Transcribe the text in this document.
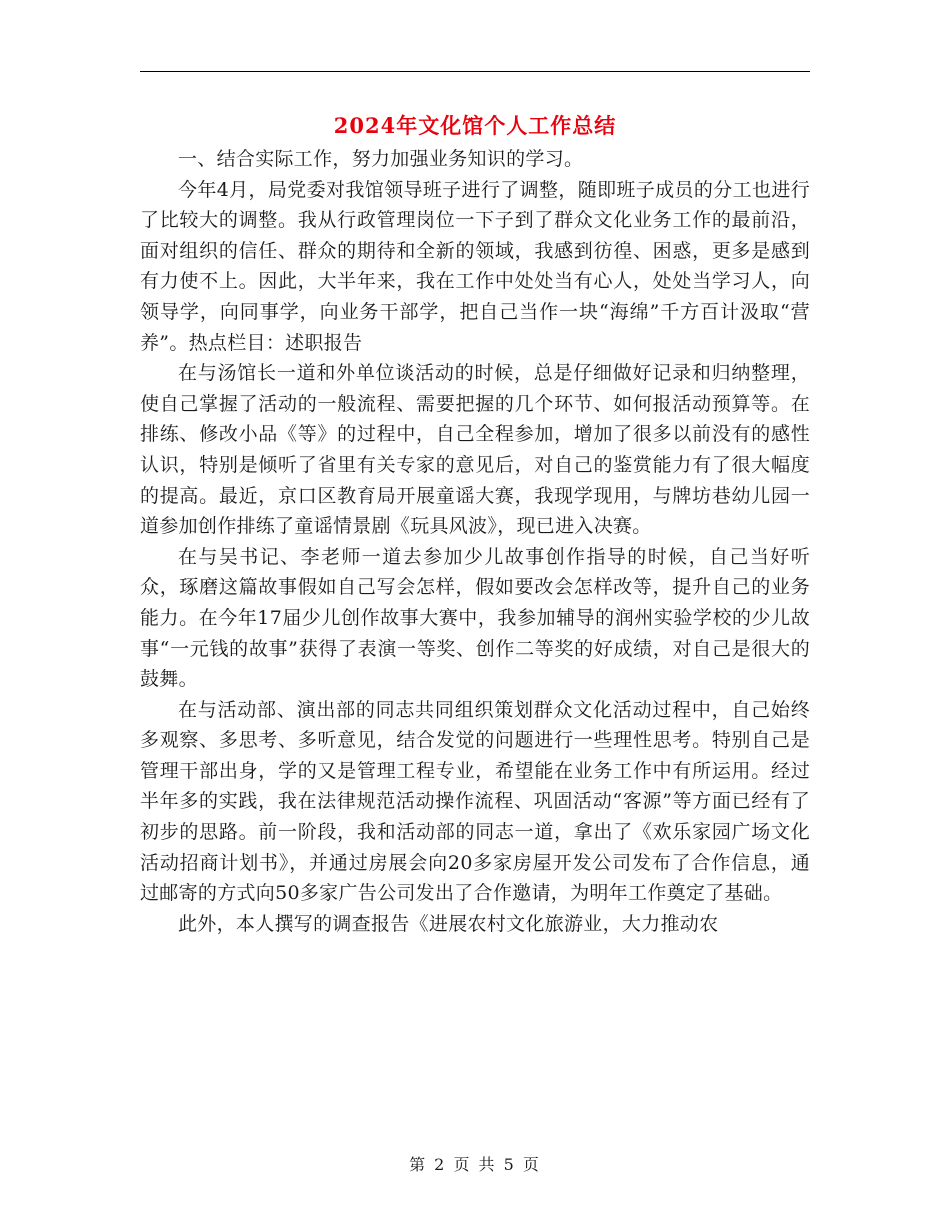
2024年文化馆个人工作总结

一、结合实际工作，努力加强业务知识的学习。

今年4月，局党委对我馆领导班子进行了调整，随即班子成员的分工也进行了比较大的调整。我从行政管理岗位一下子到了群众文化业务工作的最前沿，面对组织的信任、群众的期待和全新的领域，我感到彷徨、困惑，更多是感到有力使不上。因此，大半年来，我在工作中处处当有心人，处处当学习人，向领导学，向同事学，向业务干部学，把自己当作一块“海绵”千方百计汲取“营养”。热点栏目：述职报告

在与汤馆长一道和外单位谈活动的时候，总是仔细做好记录和归纳整理，使自己掌握了活动的一般流程、需要把握的几个环节、如何报活动预算等。在排练、修改小品《等》的过程中，自己全程参加，增加了很多以前没有的感性认识，特别是倾听了省里有关专家的意见后，对自己的鉴赏能力有了很大幅度的提高。最近，京口区教育局开展童谣大赛，我现学现用，与牌坊巷幼儿园一道参加创作排练了童谣情景剧《玩具风波》，现已进入决赛。

在与吴书记、李老师一道去参加少儿故事创作指导的时候，自己当好听众，琢磨这篇故事假如自己写会怎样，假如要改会怎样改等，提升自己的业务能力。在今年17届少儿创作故事大赛中，我参加辅导的润州实验学校的少儿故事“一元钱的故事”获得了表演一等奖、创作二等奖的好成绩，对自己是很大的鼓舞。

在与活动部、演出部的同志共同组织策划群众文化活动过程中，自己始终多观察、多思考、多听意见，结合发觉的问题进行一些理性思考。特别自己是管理干部出身，学的又是管理工程专业，希望能在业务工作中有所运用。经过半年多的实践，我在法律规范活动操作流程、巩固活动“客源”等方面已经有了初步的思路。前一阶段，我和活动部的同志一道，拿出了《欢乐家园广场文化活动招商计划书》，并通过房展会向20多家房屋开发公司发布了合作信息，通过邮寄的方式向50多家广告公司发出了合作邀请，为明年工作奠定了基础。

此外，本人撰写的调查报告《进展农村文化旅游业，大力推动农

第 2 页 共 5 页
